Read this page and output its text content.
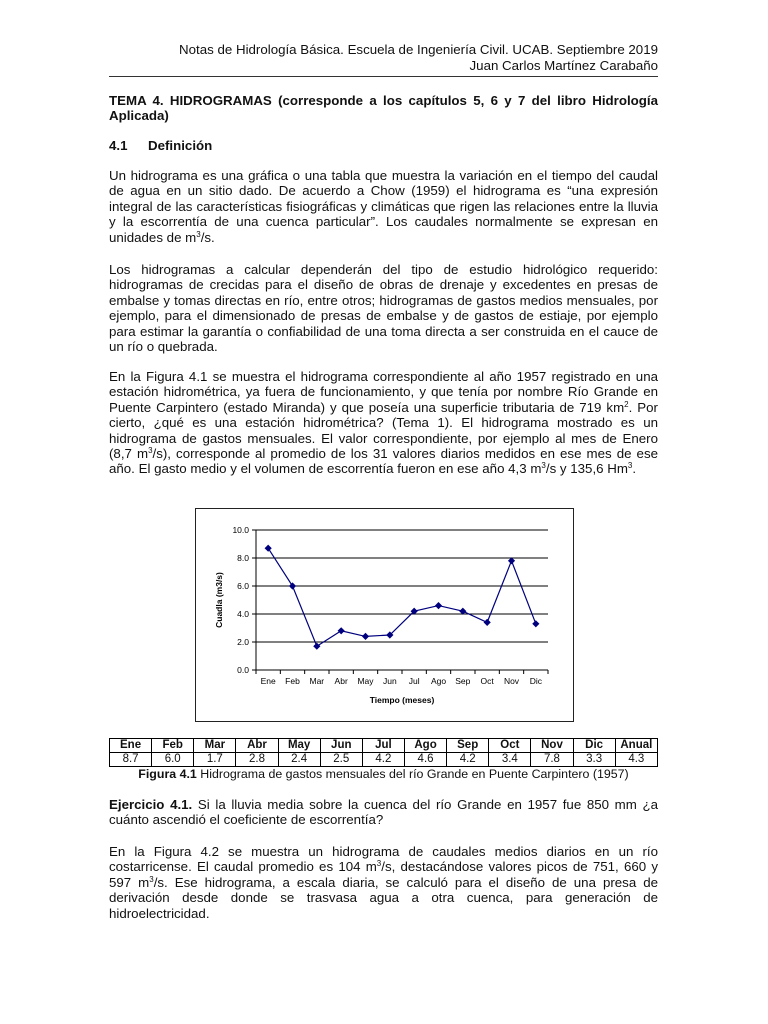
Notas de Hidrología Básica. Escuela de Ingeniería Civil. UCAB. Septiembre 2019
Juan Carlos Martínez Carabaño
TEMA 4. HIDROGRAMAS (corresponde a los capítulos 5, 6 y 7 del libro Hidrología Aplicada)
4.1 Definición
Un hidrograma es una gráfica o una tabla que muestra la variación en el tiempo del caudal de agua en un sitio dado. De acuerdo a Chow (1959) el hidrograma es “una expresión integral de las características fisiográficas y climáticas que rigen las relaciones entre la lluvia y la escorrentía de una cuenca particular”. Los caudales normalmente se expresan en unidades de $m^3/s$.
Los hidrogramas a calcular dependerán del tipo de estudio hidrológico requerido: hidrogramas de crecidas para el diseño de obras de drenaje y excedentes en presas de embalse y tomas directas en río, entre otros; hidrogramas de gastos medios mensuales, por ejemplo, para el dimensionado de presas de embalse y de gastos de estiaje, por ejemplo para estimar la garantía o confiabilidad de una toma directa a ser construida en el cauce de un río o quebrada.
En la Figura 4.1 se muestra el hidrograma correspondiente al año 1957 registrado en una estación hidrométrica, ya fuera de funcionamiento, y que tenía por nombre Río Grande en Puente Carpintero (estado Miranda) y que poseía una superficie tributaria de 719 $km^2$. Por cierto, ¿qué es una estación hidrométrica? (Tema 1). El hidrograma mostrado es un hidrograma de gastos mensuales. El valor correspondiente, por ejemplo al mes de Enero (8,7 $m^3/s$), corresponde al promedio de los 31 valores diarios medidos en ese mes de ese año. El gasto medio y el volumen de escorrentía fueron en ese año 4,3 $m^3/s$ y 135,6 Hm$^3$.
0.0
2.0
4.0
6.0
8.0
10.0
Ene Feb Mar Abr May Jun Jul Ago Sep Oct Nov Dic
Tiempo (meses)
Cuadla (m3/s)
Ene	Feb	Mar	Abr	May	Jun	Jul	Ago	Sep	Oct	Nov	Dic	Anual
8.7	6.0	1.7	2.8	2.4	2.5	4.2	4.6	4.2	3.4	7.8	3.3	4.3
Figura 4.1 Hidrograma de gastos mensuales del río Grande en Puente Carpintero (1957)
Ejercicio 4.1. Si la lluvia media sobre la cuenca del río Grande en 1957 fue 850 mm ¿a cuánto ascendió el coeficiente de escorrentía?
En la Figura 4.2 se muestra un hidrograma de caudales medios diarios en un río costarricense. El caudal promedio es 104 $m^3/s$, destacándose valores picos de 751, 660 y 597 $m^3/s$. Ese hidrograma, a escala diaria, se calculó para el diseño de una presa de derivación desde donde se trasvasa agua a otra cuenca, para generación de hidroelectricidad.
